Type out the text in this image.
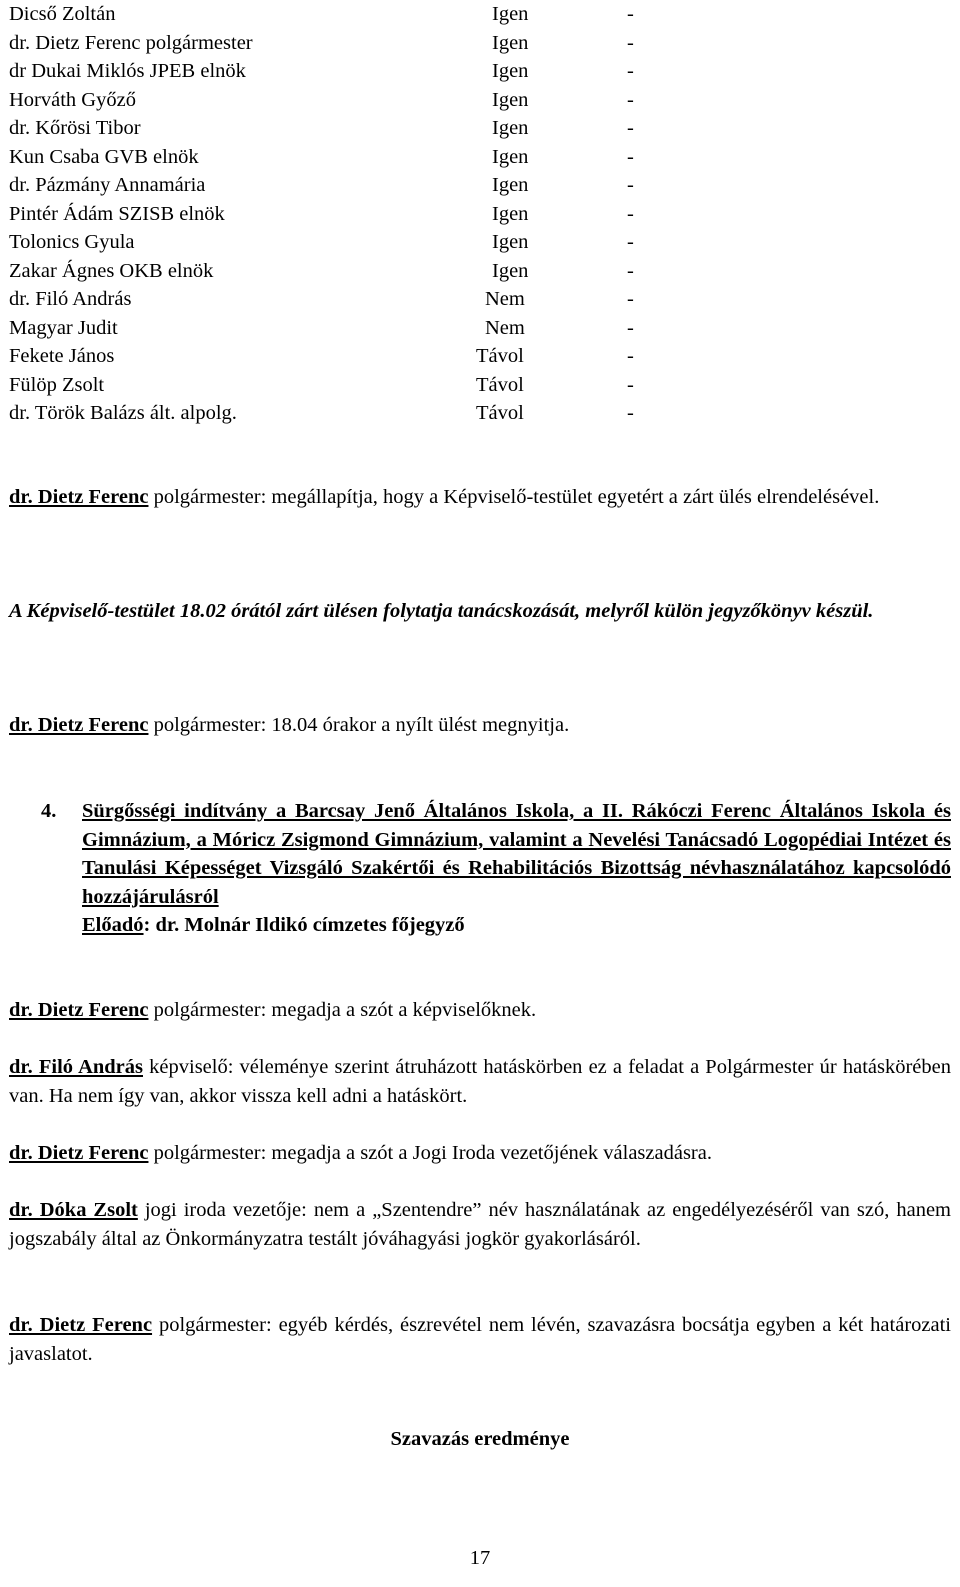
Dicső Zoltán	Igen	-
dr. Dietz Ferenc polgármester	Igen	-
dr Dukai Miklós JPEB elnök	Igen	-
Horváth Győző	Igen	-
dr. Kőrösi Tibor	Igen	-
Kun Csaba GVB elnök	Igen	-
dr. Pázmány Annamária	Igen	-
Pintér Ádám SZISB elnök	Igen	-
Tolonics Gyula	Igen	-
Zakar Ágnes OKB elnök	Igen	-
dr. Filó András	Nem	-
Magyar Judit	Nem	-
Fekete János	Távol	-
Fülöp Zsolt	Távol	-
dr. Török Balázs ált. alpolg.	Távol	-
dr. Dietz Ferenc polgármester: megállapítja, hogy a Képviselő-testület egyetért a zárt ülés elrendelésével.
A Képviselő-testület 18.02 órától zárt ülésen folytatja tanácskozását, melyről külön jegyzőkönyv készül.
dr. Dietz Ferenc polgármester: 18.04 órakor a nyílt ülést megnyitja.
4. Sürgősségi indítvány a Barcsay Jenő Általános Iskola, a II. Rákóczi Ferenc Általános Iskola és Gimnázium, a Móricz Zsigmond Gimnázium, valamint a Nevelési Tanácsadó Logopédiai Intézet és Tanulási Képességet Vizsgáló Szakértői és Rehabilitációs Bizottság névhasználatához kapcsolódó hozzájárulásról
Előadó: dr. Molnár Ildikó címzetes főjegyző
dr. Dietz Ferenc polgármester: megadja a szót a képviselőknek.
dr. Filó András képviselő: véleménye szerint átruházott hatáskörben ez a feladat a Polgármester úr hatáskörében van. Ha nem így van, akkor vissza kell adni a hatáskört.
dr. Dietz Ferenc polgármester: megadja a szót a Jogi Iroda vezetőjének válaszadásra.
dr. Dóka Zsolt jogi iroda vezetője: nem a „Szentendre” név használatának az engedélyezéséről van szó, hanem jogszabály által az Önkormányzatra testált jóváhagyási jogkör gyakorlásáról.
dr. Dietz Ferenc polgármester: egyéb kérdés, észrevétel nem lévén, szavazásra bocsátja egyben a két határozati javaslatot.
Szavazás eredménye
17
